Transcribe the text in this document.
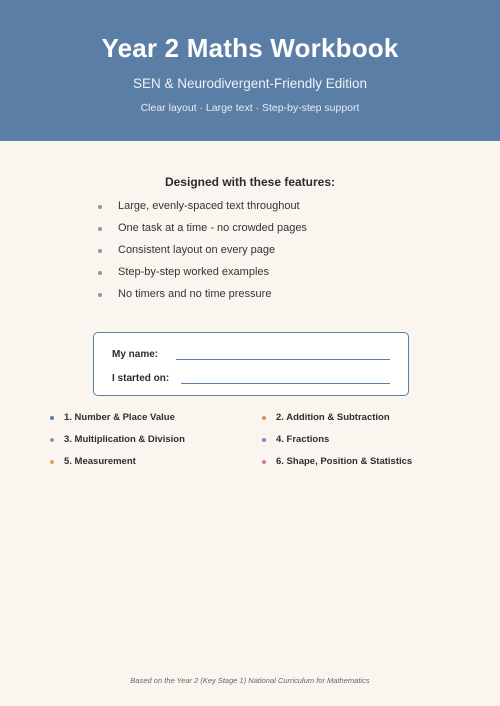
Year 2 Maths Workbook
SEN & Neurodivergent-Friendly Edition
Clear layout · Large text · Step-by-step support
Designed with these features:
Large, evenly-spaced text throughout
One task at a time - no crowded pages
Consistent layout on every page
Step-by-step worked examples
No timers and no time pressure
My name:
I started on:
1. Number & Place Value	2. Addition & Subtraction
3. Multiplication & Division	4. Fractions
5. Measurement	6. Shape, Position & Statistics
Based on the Year 2 (Key Stage 1) National Curriculum for Mathematics
